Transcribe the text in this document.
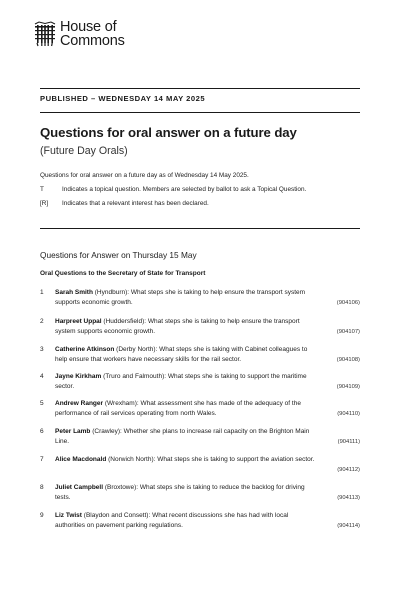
House of
Commons
PUBLISHED – WEDNESDAY 14 MAY 2025
Questions for oral answer on a future day
(Future Day Orals)
Questions for oral answer on a future day as of Wednesday 14 May 2025.
T	Indicates a topical question. Members are selected by ballot to ask a Topical Question.
[R]	Indicates that a relevant interest has been declared.
Questions for Answer on Thursday 15 May
Oral Questions to the Secretary of State for Transport
1 Sarah Smith (Hyndburn): What steps she is taking to help ensure the transport system
supports economic growth.	(904106)
2 Harpreet Uppal (Huddersfield): What steps she is taking to help ensure the transport
system supports economic growth.	(904107)
3 Catherine Atkinson (Derby North): What steps she is taking with Cabinet colleagues to
help ensure that workers have necessary skills for the rail sector.	(904108)
4 Jayne Kirkham (Truro and Falmouth): What steps she is taking to support the maritime
sector.	(904109)
5 Andrew Ranger (Wrexham): What assessment she has made of the adequacy of the
performance of rail services operating from north Wales.	(904110)
6 Peter Lamb (Crawley): Whether she plans to increase rail capacity on the Brighton Main
Line.	(904111)
7 Alice Macdonald (Norwich North): What steps she is taking to support the aviation sector.
(904112)
8 Juliet Campbell (Broxtowe): What steps she is taking to reduce the backlog for driving
tests.	(904113)
9 Liz Twist (Blaydon and Consett): What recent discussions she has had with local
authorities on pavement parking regulations.	(904114)
